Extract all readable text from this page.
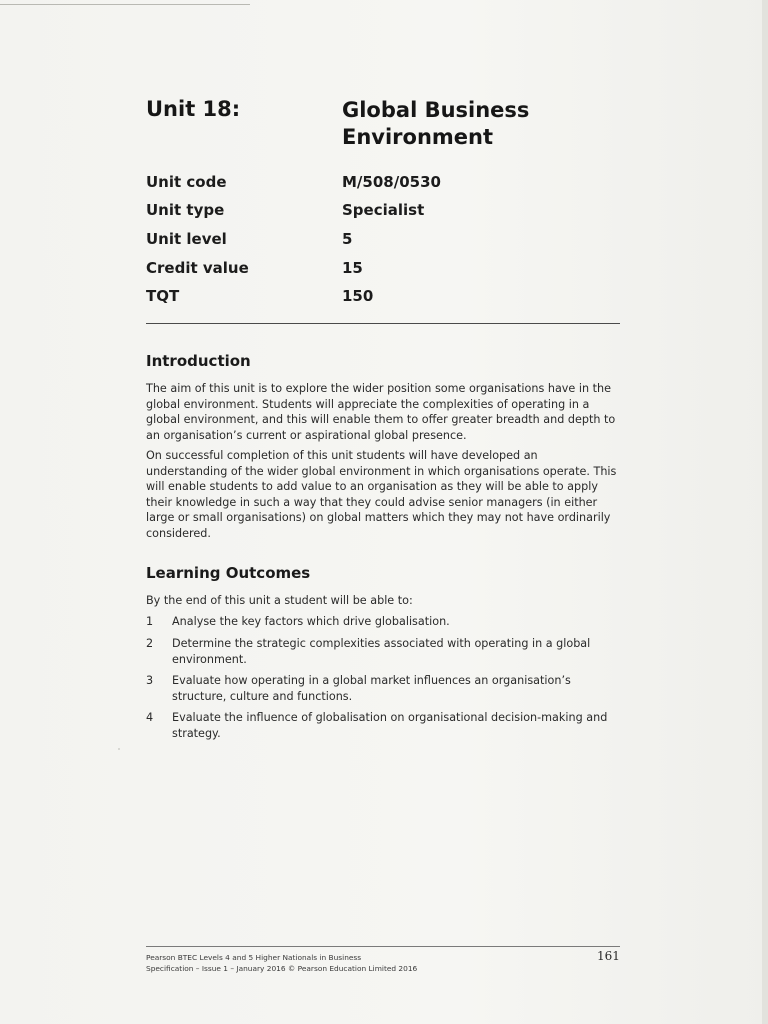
Unit 18:	Global Business Environment
Unit code	M/508/0530
Unit type	Specialist
Unit level	5
Credit value	15
TQT	150
Introduction

The aim of this unit is to explore the wider position some organisations have in the global environment. Students will appreciate the complexities of operating in a global environment, and this will enable them to offer greater breadth and depth to an organisation’s current or aspirational global presence.

On successful completion of this unit students will have developed an understanding of the wider global environment in which organisations operate. This will enable students to add value to an organisation as they will be able to apply their knowledge in such a way that they could advise senior managers (in either large or small organisations) on global matters which they may not have ordinarily considered.

Learning Outcomes

By the end of this unit a student will be able to:

1 Analyse the key factors which drive globalisation.
2 Determine the strategic complexities associated with operating in a global environment.
3 Evaluate how operating in a global market influences an organisation’s structure, culture and functions.
4 Evaluate the influence of globalisation on organisational decision-making and strategy.
Pearson BTEC Levels 4 and 5 Higher Nationals in Business
Specification – Issue 1 – January 2016 © Pearson Education Limited 2016
161
